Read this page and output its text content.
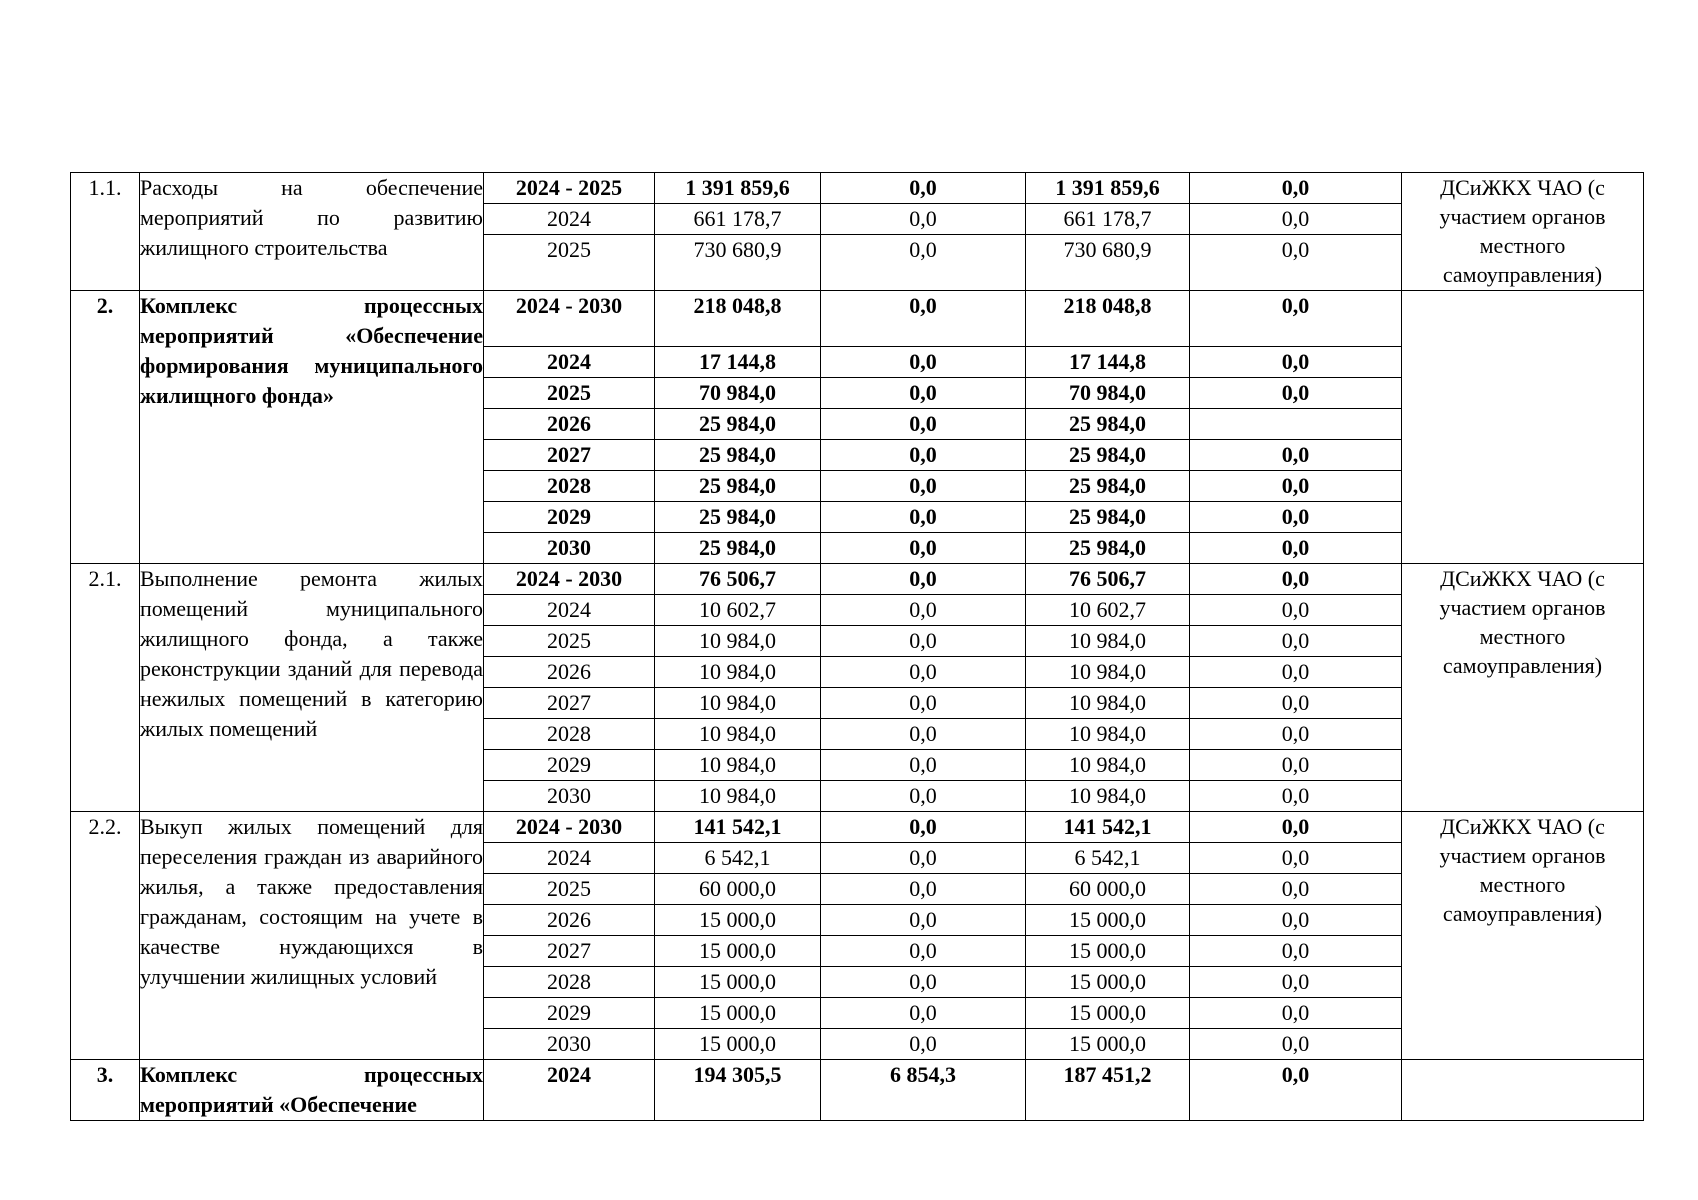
1.1.	Расходы на обеспечение мероприятий по развитию жилищного строительства	2024 - 2025	1 391 859,6	0,0	1 391 859,6	0,0	ДСиЖКХ ЧАО (с участием органов местного самоуправления)
		2024	661 178,7	0,0	661 178,7	0,0	
		2025	730 680,9	0,0	730 680,9	0,0	
2.	Комплекс процессных мероприятий «Обеспечение формирования муниципального жилищного фонда»	2024 - 2030	218 048,8	0,0	218 048,8	0,0	
		2024	17 144,8	0,0	17 144,8	0,0	
		2025	70 984,0	0,0	70 984,0	0,0	
		2026	25 984,0	0,0	25 984,0		
		2027	25 984,0	0,0	25 984,0	0,0	
		2028	25 984,0	0,0	25 984,0	0,0	
		2029	25 984,0	0,0	25 984,0	0,0	
		2030	25 984,0	0,0	25 984,0	0,0	
2.1.	Выполнение ремонта жилых помещений муниципального жилищного фонда, а также реконструкции зданий для перевода нежилых помещений в категорию жилых помещений	2024 - 2030	76 506,7	0,0	76 506,7	0,0	ДСиЖКХ ЧАО (с участием органов местного самоуправления)
		2024	10 602,7	0,0	10 602,7	0,0	
		2025	10 984,0	0,0	10 984,0	0,0	
		2026	10 984,0	0,0	10 984,0	0,0	
		2027	10 984,0	0,0	10 984,0	0,0	
		2028	10 984,0	0,0	10 984,0	0,0	
		2029	10 984,0	0,0	10 984,0	0,0	
		2030	10 984,0	0,0	10 984,0	0,0	
2.2.	Выкуп жилых помещений для переселения граждан из аварийного жилья, а также предоставления гражданам, состоящим на учете в качестве нуждающихся в улучшении жилищных условий	2024 - 2030	141 542,1	0,0	141 542,1	0,0	ДСиЖКХ ЧАО (с участием органов местного самоуправления)
		2024	6 542,1	0,0	6 542,1	0,0	
		2025	60 000,0	0,0	60 000,0	0,0	
		2026	15 000,0	0,0	15 000,0	0,0	
		2027	15 000,0	0,0	15 000,0	0,0	
		2028	15 000,0	0,0	15 000,0	0,0	
		2029	15 000,0	0,0	15 000,0	0,0	
		2030	15 000,0	0,0	15 000,0	0,0	
3.	Комплекс процессных мероприятий «Обеспечение	2024	194 305,5	6 854,3	187 451,2	0,0	
